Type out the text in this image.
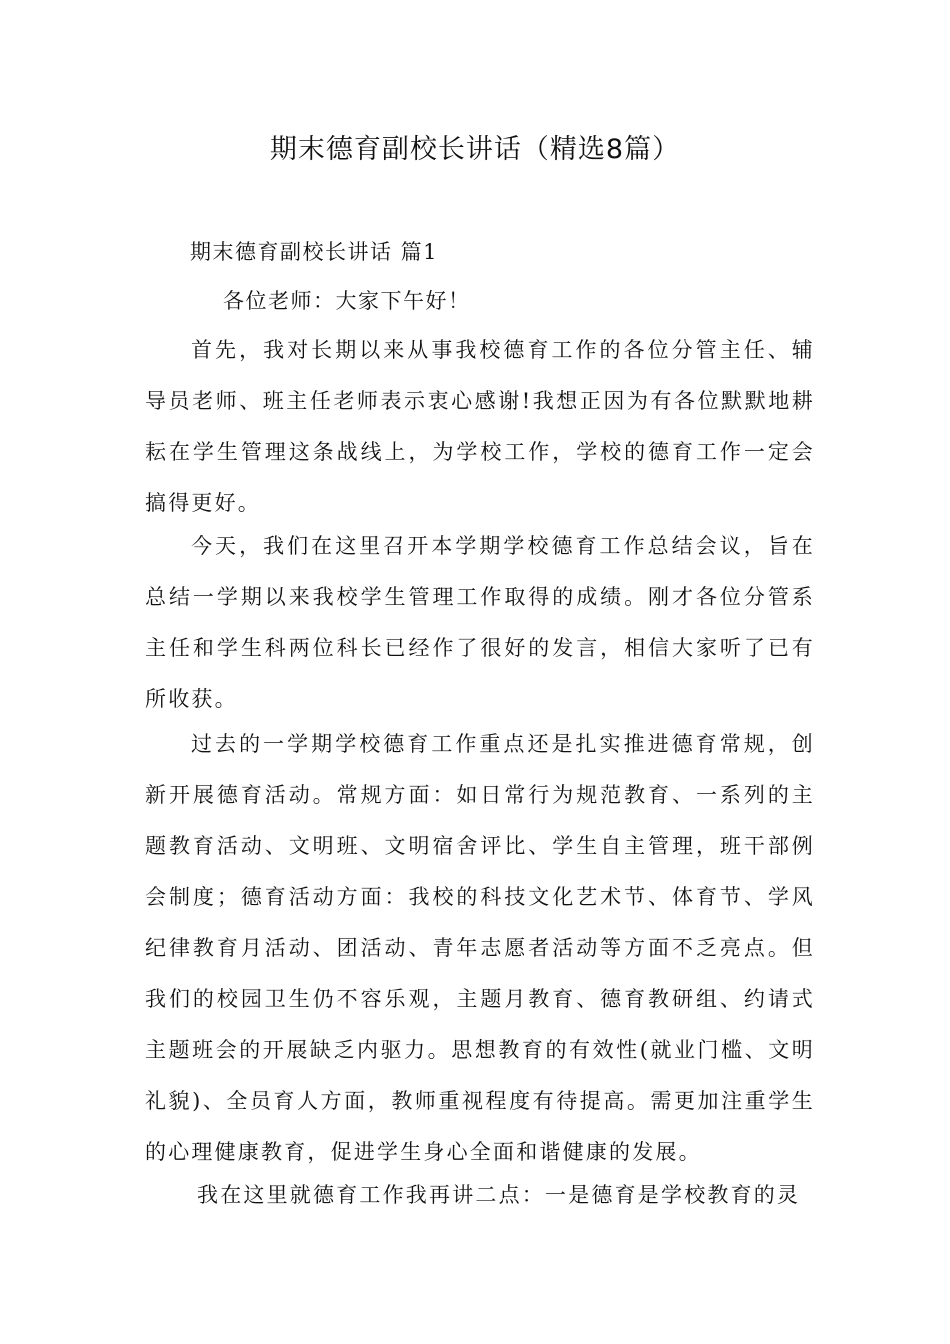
期末德育副校长讲话（精选8篇）
期末德育副校长讲话 篇1
各位老师：大家下午好！

首先，我对长期以来从事我校德育工作的各位分管主任、辅导员老师、班主任老师表示衷心感谢!我想正因为有各位默默地耕耘在学生管理这条战线上，为学校工作，学校的德育工作一定会搞得更好。

今天，我们在这里召开本学期学校德育工作总结会议，旨在总结一学期以来我校学生管理工作取得的成绩。刚才各位分管系主任和学生科两位科长已经作了很好的发言，相信大家听了已有所收获。

过去的一学期学校德育工作重点还是扎实推进德育常规，创新开展德育活动。常规方面：如日常行为规范教育、一系列的主题教育活动、文明班、文明宿舍评比、学生自主管理，班干部例会制度；德育活动方面：我校的科技文化艺术节、体育节、学风纪律教育月活动、团活动、青年志愿者活动等方面不乏亮点。但我们的校园卫生仍不容乐观，主题月教育、德育教研组、约请式主题班会的开展缺乏内驱力。思想教育的有效性(就业门槛、文明礼貌)、全员育人方面，教师重视程度有待提高。需更加注重学生的心理健康教育，促进学生身心全面和谐健康的发展。

我在这里就德育工作我再讲二点：一是德育是学校教育的灵
